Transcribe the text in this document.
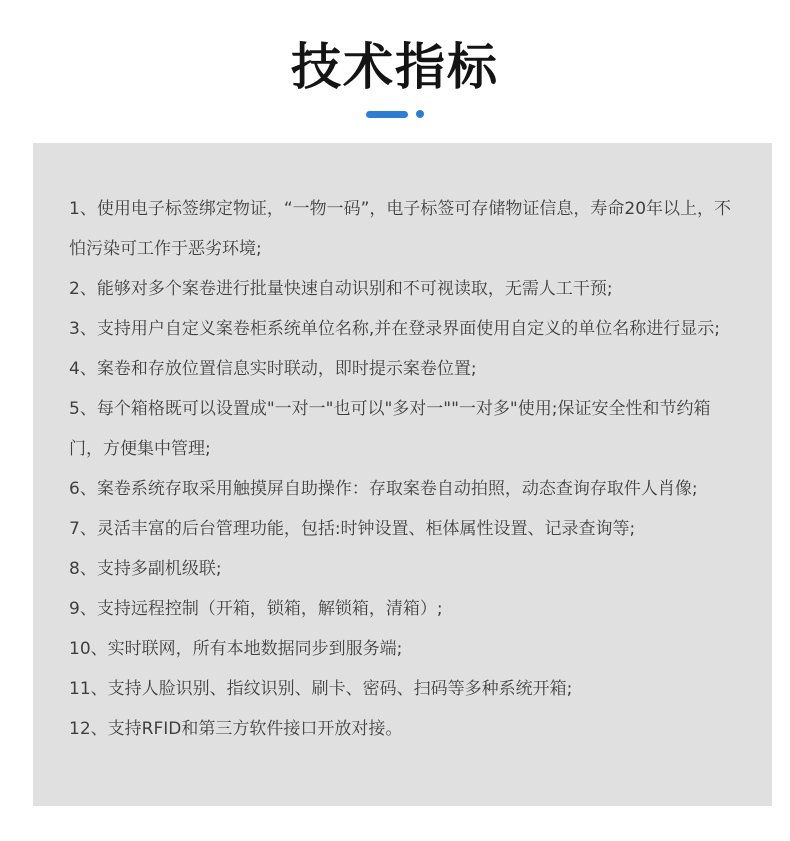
技术指标

1、使用电子标签绑定物证，“一物一码”，电子标签可存储物证信息，寿命20年以上，不怕污染可工作于恶劣环境;

2、能够对多个案卷进行批量快速自动识别和不可视读取，无需人工干预;

3、支持用户自定义案卷柜系统单位名称,并在登录界面使用自定义的单位名称进行显示;

4、案卷和存放位置信息实时联动，即时提示案卷位置;

5、每个箱格既可以设置成"一对一"也可以"多对一""一对多"使用;保证安全性和节约箱门，方便集中管理;

6、案卷系统存取采用触摸屏自助操作：存取案卷自动拍照，动态查询存取件人肖像;

7、灵活丰富的后台管理功能，包括:时钟设置、柜体属性设置、记录查询等;

8、支持多副机级联;

9、支持远程控制（开箱，锁箱，解锁箱，清箱）;

10、实时联网，所有本地数据同步到服务端;

11、支持人脸识别、指纹识别、刷卡、密码、扫码等多种系统开箱;

12、支持RFID和第三方软件接口开放对接。
